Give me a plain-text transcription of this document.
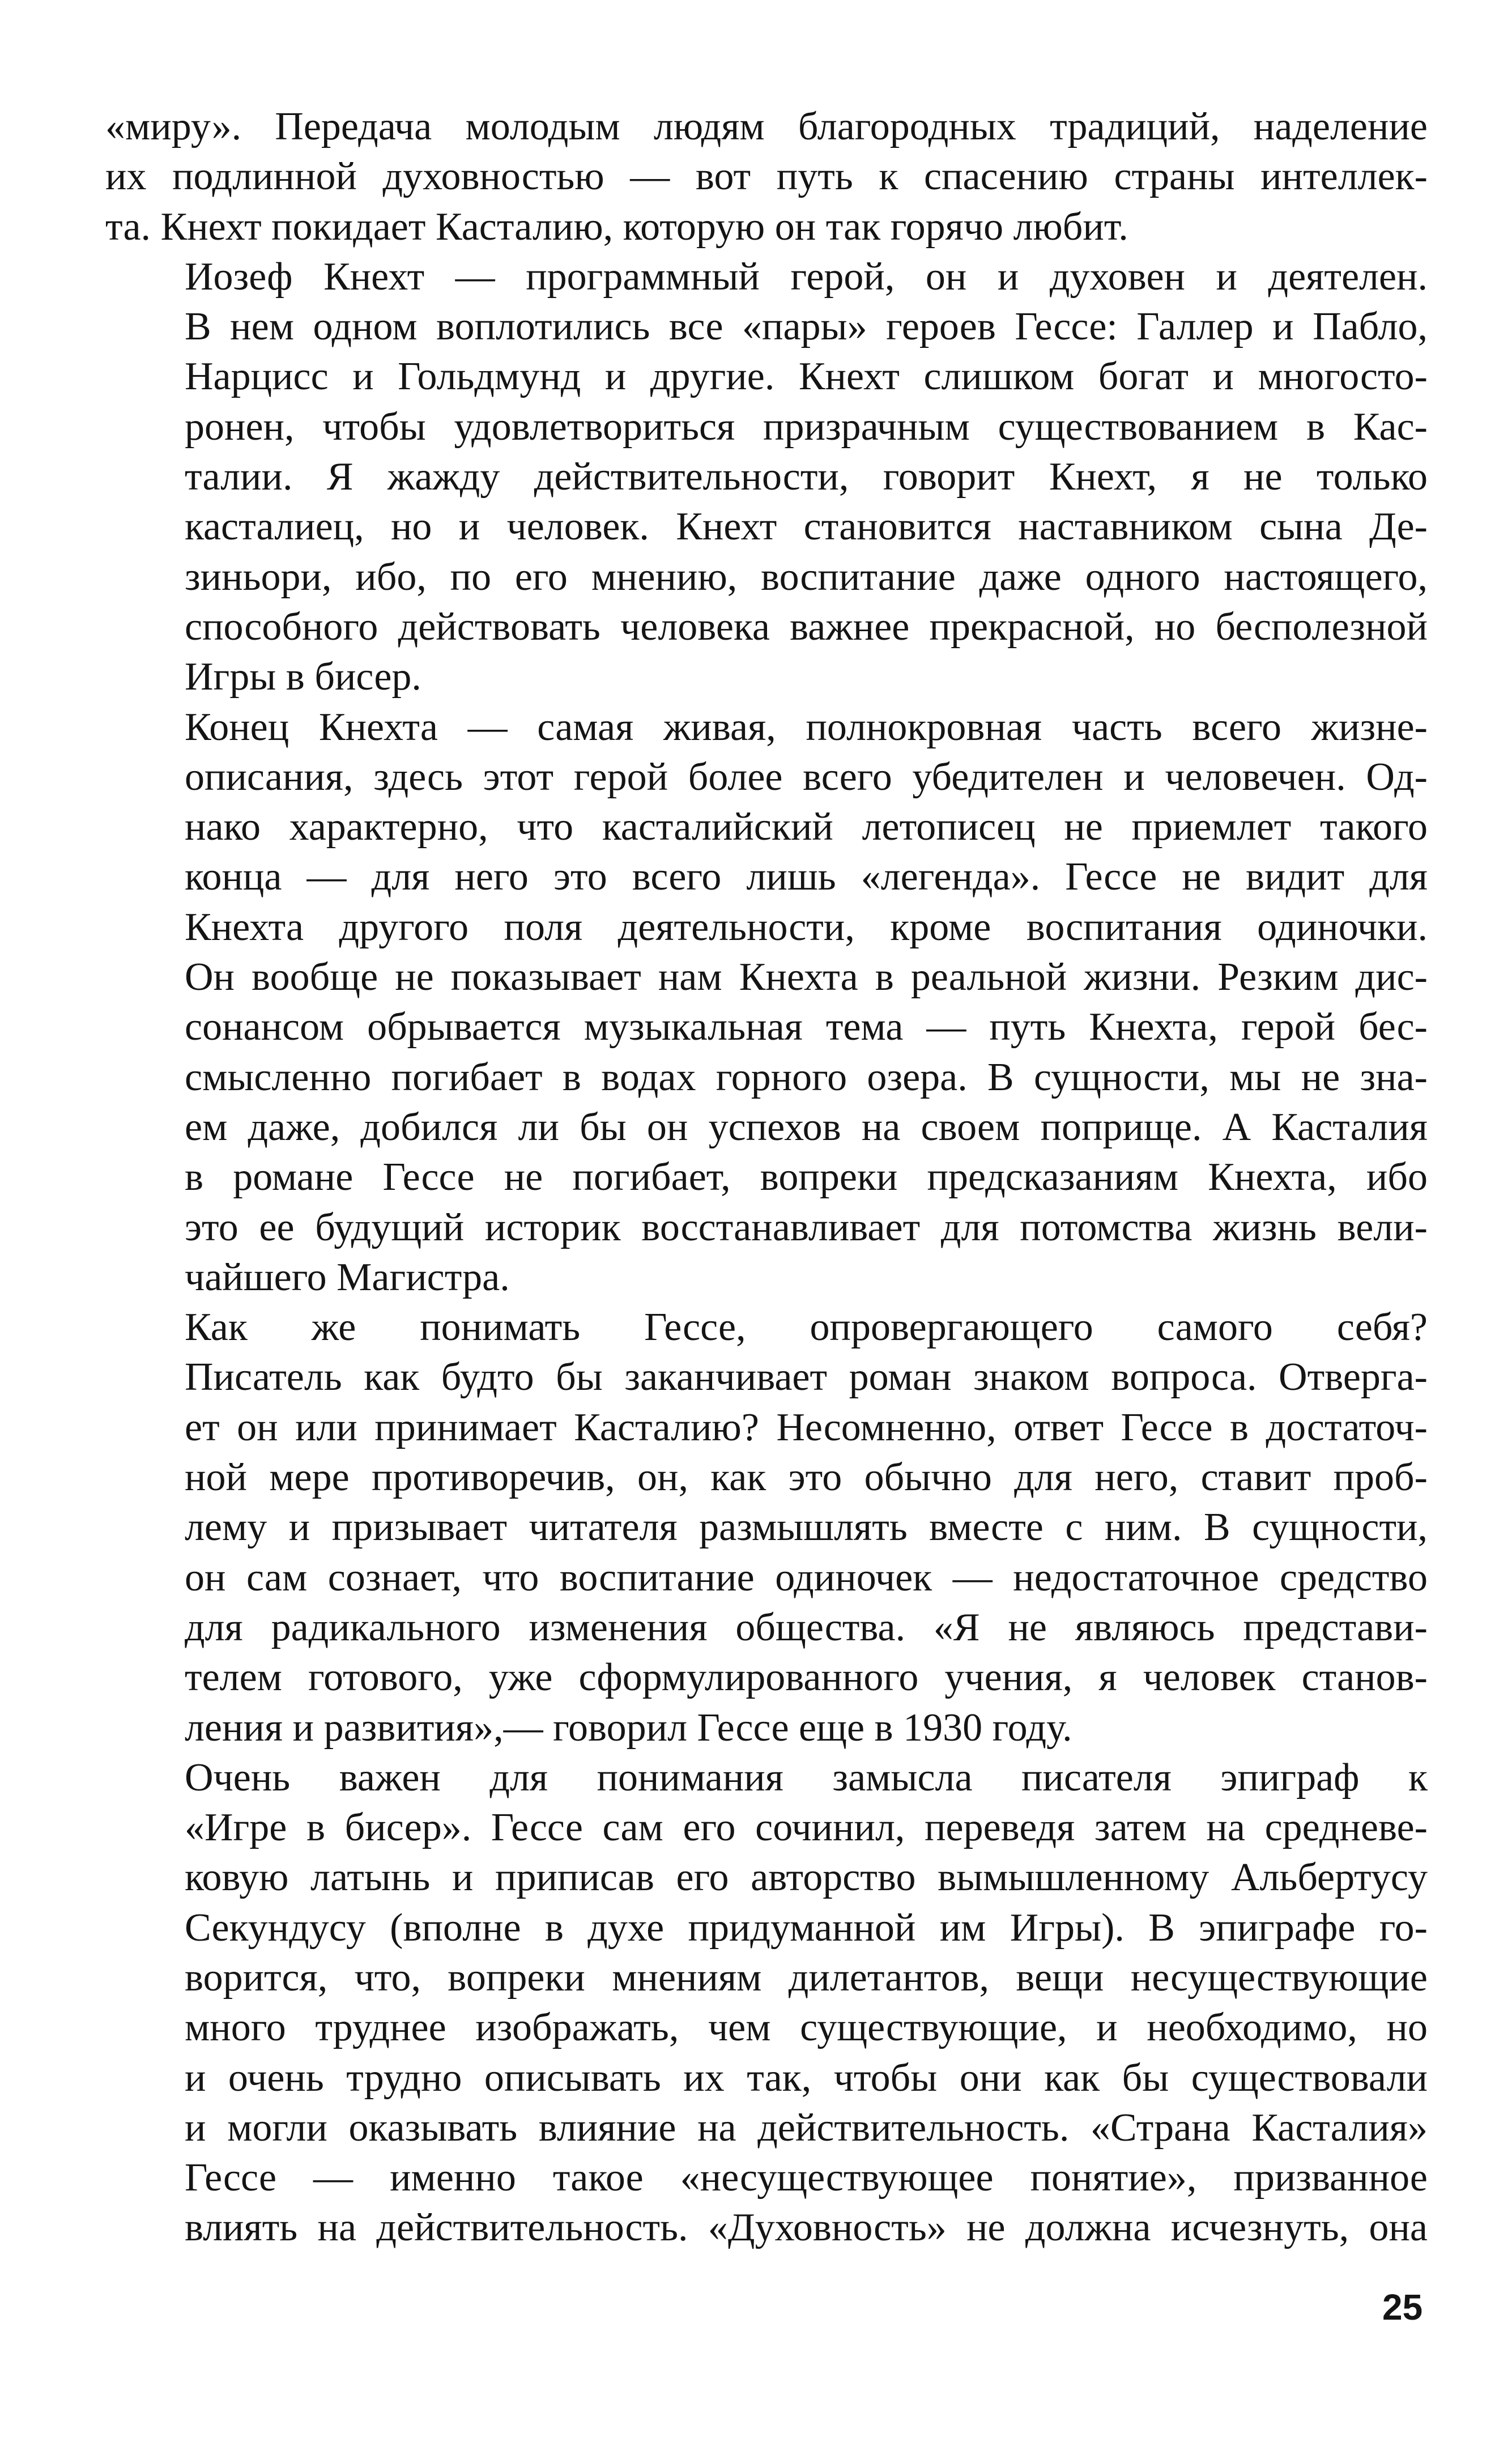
«миру». Передача молодым людям благородных традиций, наделение
их подлинной духовностью — вот путь к спасению страны интеллек-
та. Кнехт покидает Касталию, которую он так горячо любит.

Иозеф Кнехт — программный герой, он и духовен и деятелен.
В нем одном воплотились все «пары» героев Гессе: Галлер и Пабло,
Нарцисс и Гольдмунд и другие. Кнехт слишком богат и многосто-
ронен, чтобы удовлетвориться призрачным существованием в Кас-
талии. Я жажду действительности, говорит Кнехт, я не только
касталиец, но и человек. Кнехт становится наставником сына Де-
зиньори, ибо, по его мнению, воспитание даже одного настоящего,
способного действовать человека важнее прекрасной, но бесполезной
Игры в бисер.

Конец Кнехта — самая живая, полнокровная часть всего жизне-
описания, здесь этот герой более всего убедителен и человечен. Од-
нако характерно, что касталийский летописец не приемлет такого
конца — для него это всего лишь «легенда». Гессе не видит для
Кнехта другого поля деятельности, кроме воспитания одиночки.
Он вообще не показывает нам Кнехта в реальной жизни. Резким дис-
сонансом обрывается музыкальная тема — путь Кнехта, герой бес-
смысленно погибает в водах горного озера. В сущности, мы не зна-
ем даже, добился ли бы он успехов на своем поприще. А Касталия
в романе Гессе не погибает, вопреки предсказаниям Кнехта, ибо
это ее будущий историк восстанавливает для потомства жизнь вели-
чайшего Магистра.

Как же понимать Гессе, опровергающего самого себя?
Писатель как будто бы заканчивает роман знаком вопроса. Отверга-
ет он или принимает Касталию? Несомненно, ответ Гессе в достаточ-
ной мере противоречив, он, как это обычно для него, ставит проб-
лему и призывает читателя размышлять вместе с ним. В сущности,
он сам сознает, что воспитание одиночек — недостаточное средство
для радикального изменения общества. «Я не являюсь представи-
телем готового, уже сформулированного учения, я человек станов-
ления и развития»,— говорил Гессе еще в 1930 году.

Очень важен для понимания замысла писателя эпиграф к
«Игре в бисер». Гессе сам его сочинил, переведя затем на средневе-
ковую латынь и приписав его авторство вымышленному Альбертусу
Секундусу (вполне в духе придуманной им Игры). В эпиграфе го-
ворится, что, вопреки мнениям дилетантов, вещи несуществующие
много труднее изображать, чем существующие, и необходимо, но
и очень трудно описывать их так, чтобы они как бы существовали
и могли оказывать влияние на действительность. «Страна Касталия»
Гессе — именно такое «несуществующее понятие», призванное
влиять на действительность. «Духовность» не должна исчезнуть, она

25
